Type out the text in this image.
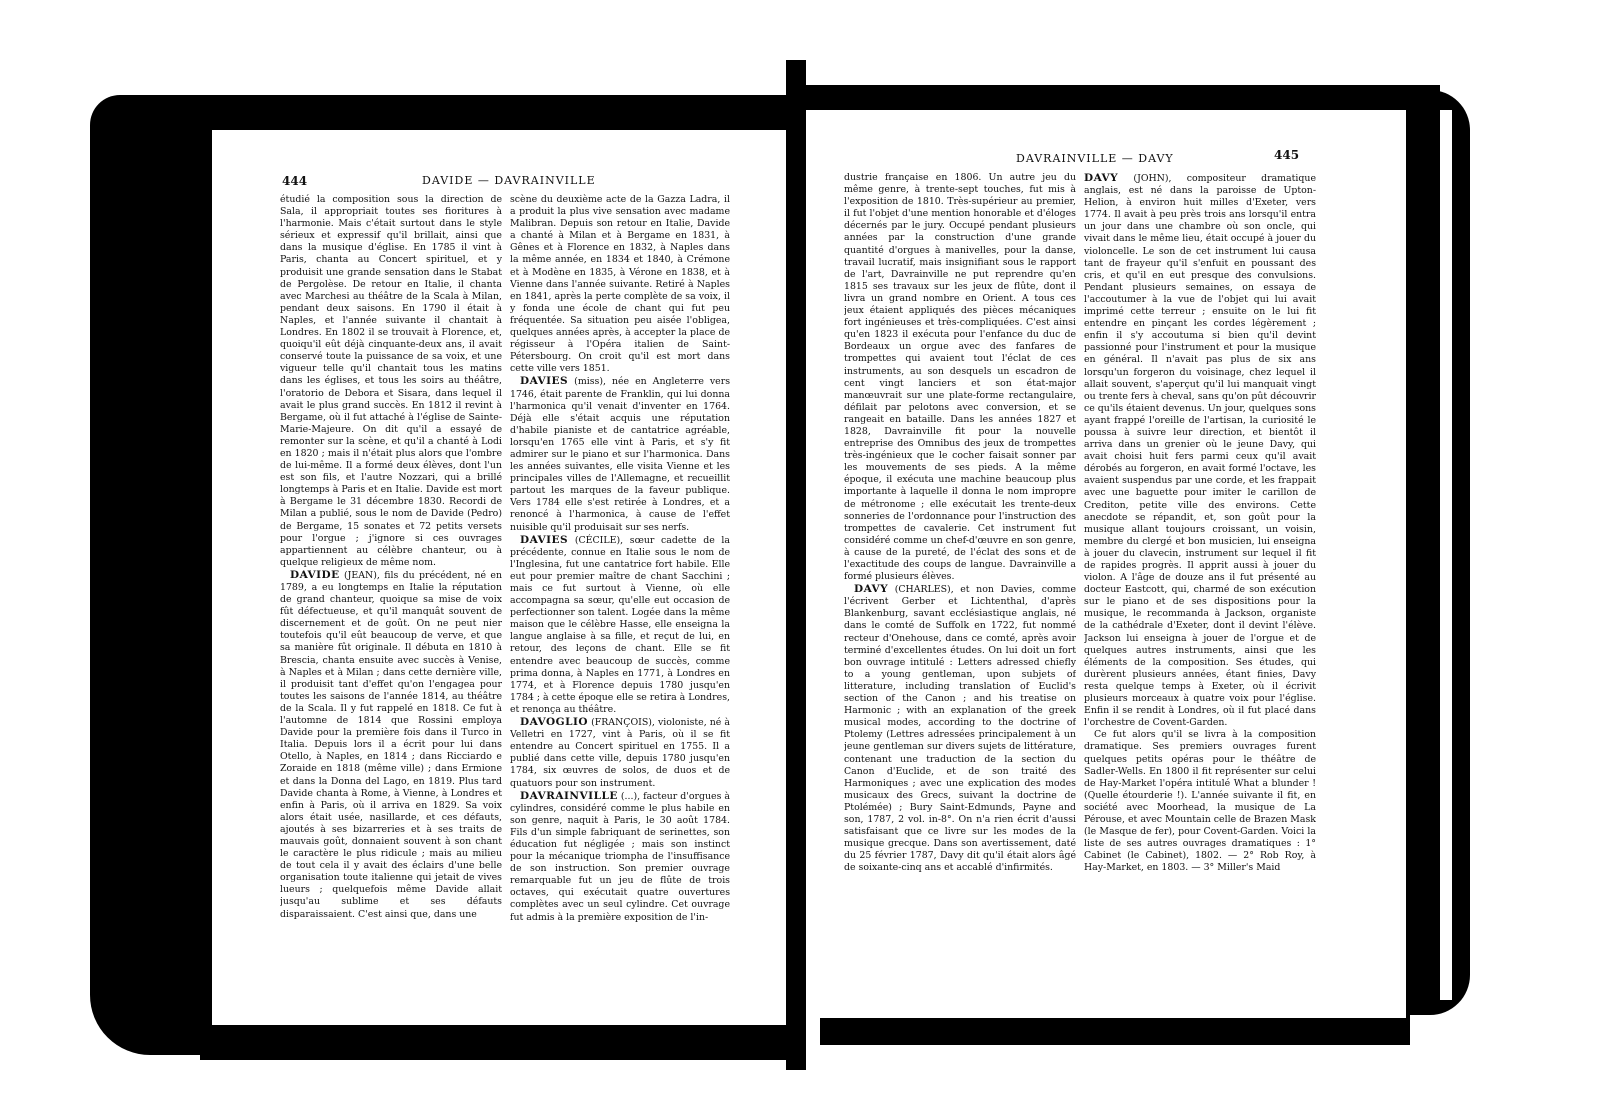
444	DAVIDE — DAVRAINVILLE

étudié la composition sous la direction de Sala, il appropriait toutes ses fioritures à l'harmonie. Mais c'était surtout dans le style sérieux et expressif qu'il brillait, ainsi que dans la musique d'église. En 1785 il vint à Paris, chanta au Concert spirituel, et y produisit une grande sensation dans le Stabat de Pergolèse. De retour en Italie, il chanta avec Marchesi au théâtre de la Scala à Milan, pendant deux saisons. En 1790 il était à Naples, et l'année suivante il chantait à Londres. En 1802 il se trouvait à Florence, et, quoiqu'il eût déjà cinquante-deux ans, il avait conservé toute la puissance de sa voix, et une vigueur telle qu'il chantait tous les matins dans les églises, et tous les soirs au théâtre, l'oratorio de Debora et Sisara, dans lequel il avait le plus grand succès. En 1812 il revint à Bergame, où il fut attaché à l'église de Sainte-Marie-Majeure. On dit qu'il a essayé de remonter sur la scène, et qu'il a chanté à Lodi en 1820 ; mais il n'était plus alors que l'ombre de lui-même. Il a formé deux élèves, dont l'un est son fils, et l'autre Nozzari, qui a brillé longtemps à Paris et en Italie. Davide est mort à Bergame le 31 décembre 1830. Recordi de Milan a publié, sous le nom de Davide (Pedro) de Bergame, 15 sonates et 72 petits versets pour l'orgue ; j'ignore si ces ouvrages appartiennent au célèbre chanteur, ou à quelque religieux de même nom.

DAVIDE (JEAN), fils du précédent, né en 1789, a eu longtemps en Italie la réputation de grand chanteur, quoique sa mise de voix fût défectueuse, et qu'il manquât souvent de discernement et de goût. On ne peut nier toutefois qu'il eût beaucoup de verve, et que sa manière fût originale. Il débuta en 1810 à Brescia, chanta ensuite avec succès à Venise, à Naples et à Milan ; dans cette dernière ville, il produisit tant d'effet qu'on l'engagea pour toutes les saisons de l'année 1814, au théâtre de la Scala. Il y fut rappelé en 1818. Ce fut à l'automne de 1814 que Rossini employa Davide pour la première fois dans il Turco in Italia. Depuis lors il a écrit pour lui dans Otello, à Naples, en 1814 ; dans Ricciardo e Zoraide en 1818 (même ville) ; dans Ermione et dans la Donna del Lago, en 1819. Plus tard Davide chanta à Rome, à Vienne, à Londres et enfin à Paris, où il arriva en 1829. Sa voix alors était usée, nasillarde, et ces défauts, ajoutés à ses bizarreries et à ses traits de mauvais goût, donnaient souvent à son chant le caractère le plus ridicule ; mais au milieu de tout cela il y avait des éclairs d'une belle organisation toute italienne qui jetait de vives lueurs ; quelquefois même Davide allait jusqu'au sublime et ses défauts disparaissaient. C'est ainsi que, dans une

scène du deuxième acte de la Gazza Ladra, il a produit la plus vive sensation avec madame Malibran. Depuis son retour en Italie, Davide a chanté à Milan et à Bergame en 1831, à Gênes et à Florence en 1832, à Naples dans la même année, en 1834 et 1840, à Crémone et à Modène en 1835, à Vérone en 1838, et à Vienne dans l'année suivante. Retiré à Naples en 1841, après la perte complète de sa voix, il y fonda une école de chant qui fut peu fréquentée. Sa situation peu aisée l'obligea, quelques années après, à accepter la place de régisseur à l'Opéra italien de Saint-Pétersbourg. On croit qu'il est mort dans cette ville vers 1851.

DAVIES (miss), née en Angleterre vers 1746, était parente de Franklin, qui lui donna l'harmonica qu'il venait d'inventer en 1764. Déjà elle s'était acquis une réputation d'habile pianiste et de cantatrice agréable, lorsqu'en 1765 elle vint à Paris, et s'y fit admirer sur le piano et sur l'harmonica. Dans les années suivantes, elle visita Vienne et les principales villes de l'Allemagne, et recueillit partout les marques de la faveur publique. Vers 1784 elle s'est retirée à Londres, et a renoncé à l'harmonica, à cause de l'effet nuisible qu'il produisait sur ses nerfs.

DAVIES (CÉCILE), sœur cadette de la précédente, connue en Italie sous le nom de l'Inglesina, fut une cantatrice fort habile. Elle eut pour premier maître de chant Sacchini ; mais ce fut surtout à Vienne, où elle accompagna sa sœur, qu'elle eut occasion de perfectionner son talent. Logée dans la même maison que le célèbre Hasse, elle enseigna la langue anglaise à sa fille, et reçut de lui, en retour, des leçons de chant. Elle se fit entendre avec beaucoup de succès, comme prima donna, à Naples en 1771, à Londres en 1774, et à Florence depuis 1780 jusqu'en 1784 ; à cette époque elle se retira à Londres, et renonça au théâtre.

DAVOGLIO (FRANÇOIS), violoniste, né à Velletri en 1727, vint à Paris, où il se fit entendre au Concert spirituel en 1755. Il a publié dans cette ville, depuis 1780 jusqu'en 1784, six œuvres de solos, de duos et de quatuors pour son instrument.

DAVRAINVILLE (...), facteur d'orgues à cylindres, considéré comme le plus habile en son genre, naquit à Paris, le 30 août 1784. Fils d'un simple fabriquant de serinettes, son éducation fut négligée ; mais son instinct pour la mécanique triompha de l'insuffisance de son instruction. Son premier ouvrage remarquable fut un jeu de flûte de trois octaves, qui exécutait quatre ouvertures complètes avec un seul cylindre. Cet ouvrage fut admis à la première exposition de l'in-

DAVRAINVILLE — DAVY	445

dustrie française en 1806. Un autre jeu du même genre, à trente-sept touches, fut mis à l'exposition de 1810. Très-supérieur au premier, il fut l'objet d'une mention honorable et d'éloges décernés par le jury. Occupé pendant plusieurs années par la construction d'une grande quantité d'orgues à manivelles, pour la danse, travail lucratif, mais insignifiant sous le rapport de l'art, Davrainville ne put reprendre qu'en 1815 ses travaux sur les jeux de flûte, dont il livra un grand nombre en Orient. A tous ces jeux étaient appliqués des pièces mécaniques fort ingénieuses et très-compliquées. C'est ainsi qu'en 1823 il exécuta pour l'enfance du duc de Bordeaux un orgue avec des fanfares de trompettes qui avaient tout l'éclat de ces instruments, au son desquels un escadron de cent vingt lanciers et son état-major manœuvrait sur une plate-forme rectangulaire, défilait par pelotons avec conversion, et se rangeait en bataille. Dans les années 1827 et 1828, Davrainville fit pour la nouvelle entreprise des Omnibus des jeux de trompettes très-ingénieux que le cocher faisait sonner par les mouvements de ses pieds. A la même époque, il exécuta une machine beaucoup plus importante à laquelle il donna le nom impropre de métronome ; elle exécutait les trente-deux sonneries de l'ordonnance pour l'instruction des trompettes de cavalerie. Cet instrument fut considéré comme un chef-d'œuvre en son genre, à cause de la pureté, de l'éclat des sons et de l'exactitude des coups de langue. Davrainville a formé plusieurs élèves.

DAVY (CHARLES), et non Davies, comme l'écrivent Gerber et Lichtenthal, d'après Blankenburg, savant ecclésiastique anglais, né dans le comté de Suffolk en 1722, fut nommé recteur d'Onehouse, dans ce comté, après avoir terminé d'excellentes études. On lui doit un fort bon ouvrage intitulé : Letters adressed chiefly to a young gentleman, upon subjets of litterature, including translation of Euclid's section of the Canon ; and his treatise on Harmonic ; with an explanation of the greek musical modes, according to the doctrine of Ptolemy (Lettres adressées principalement à un jeune gentleman sur divers sujets de littérature, contenant une traduction de la section du Canon d'Euclide, et de son traité des Harmoniques ; avec une explication des modes musicaux des Grecs, suivant la doctrine de Ptolémée) ; Bury Saint-Edmunds, Payne and son, 1787, 2 vol. in-8°. On n'a rien écrit d'aussi satisfaisant que ce livre sur les modes de la musique grecque. Dans son avertissement, daté du 25 février 1787, Davy dit qu'il était alors âgé de soixante-cinq ans et accablé d'infirmités.

DAVY (JOHN), compositeur dramatique anglais, est né dans la paroisse de Upton-Helion, à environ huit milles d'Exeter, vers 1774. Il avait à peu près trois ans lorsqu'il entra un jour dans une chambre où son oncle, qui vivait dans le même lieu, était occupé à jouer du violoncelle. Le son de cet instrument lui causa tant de frayeur qu'il s'enfuit en poussant des cris, et qu'il en eut presque des convulsions. Pendant plusieurs semaines, on essaya de l'accoutumer à la vue de l'objet qui lui avait imprimé cette terreur ; ensuite on le lui fit entendre en pinçant les cordes légèrement ; enfin il s'y accoutuma si bien qu'il devint passionné pour l'instrument et pour la musique en général. Il n'avait pas plus de six ans lorsqu'un forgeron du voisinage, chez lequel il allait souvent, s'aperçut qu'il lui manquait vingt ou trente fers à cheval, sans qu'on pût découvrir ce qu'ils étaient devenus. Un jour, quelques sons ayant frappé l'oreille de l'artisan, la curiosité le poussa à suivre leur direction, et bientôt il arriva dans un grenier où le jeune Davy, qui avait choisi huit fers parmi ceux qu'il avait dérobés au forgeron, en avait formé l'octave, les avaient suspendus par une corde, et les frappait avec une baguette pour imiter le carillon de Crediton, petite ville des environs. Cette anecdote se répandit, et, son goût pour la musique allant toujours croissant, un voisin, membre du clergé et bon musicien, lui enseigna à jouer du clavecin, instrument sur lequel il fit de rapides progrès. Il apprit aussi à jouer du violon. A l'âge de douze ans il fut présenté au docteur Eastcott, qui, charmé de son exécution sur le piano et de ses dispositions pour la musique, le recommanda à Jackson, organiste de la cathédrale d'Exeter, dont il devint l'élève. Jackson lui enseigna à jouer de l'orgue et de quelques autres instruments, ainsi que les éléments de la composition. Ses études, qui durèrent plusieurs années, étant finies, Davy resta quelque temps à Exeter, où il écrivit plusieurs morceaux à quatre voix pour l'église. Enfin il se rendit à Londres, où il fut placé dans l'orchestre de Covent-Garden.

Ce fut alors qu'il se livra à la composition dramatique. Ses premiers ouvrages furent quelques petits opéras pour le théâtre de Sadler-Wells. En 1800 il fit représenter sur celui de Hay-Market l'opéra intitulé What a blunder ! (Quelle étourderie !). L'année suivante il fit, en société avec Moorhead, la musique de La Pérouse, et avec Mountain celle de Brazen Mask (le Masque de fer), pour Covent-Garden. Voici la liste de ses autres ouvrages dramatiques : 1° Cabinet (le Cabinet), 1802. — 2° Rob Roy, à Hay-Market, en 1803. — 3° Miller's Maid
